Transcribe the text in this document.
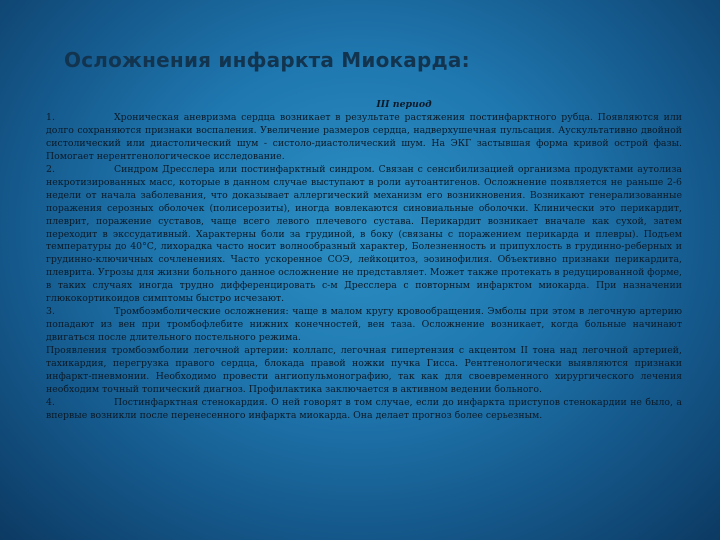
Осложнения инфаркта Миокарда:

III период

1.	Хроническая аневризма сердца возникает в результате растяжения постинфарктного рубца. Появляются или долго сохраняются признаки воспаления. Увеличение размеров сердца, надверхушечная пульсация. Аускультативно двойной систолический или диастолический шум - систоло-диастолический шум. На ЭКГ застывшая форма кривой острой фазы. Помогает нерентгенологическое исследование.

2.	Синдром Дресслера или постинфарктный синдром. Связан с сенсибилизацией организма продуктами аутолиза некротизированных масс, которые в данном случае выступают в роли аутоантигенов. Осложнение появляется не раньше 2-6 недели от начала заболевания, что доказывает аллергический механизм его возникновения. Возникают генерализованные поражения серозных оболочек (полисерозиты), иногда вовлекаются синовиальные оболочки. Клинически это перикардит, плеврит, поражение суставов, чаще всего левого плечевого сустава. Перикардит возникает вначале как сухой, затем переходит в экссудативный. Характерны боли за грудиной, в боку (связаны с поражением перикарда и плевры). Подъем температуры до 40°С, лихорадка часто носит волнообразный характер, Болезненность и припухлость в грудинно-реберных и грудинно-ключичных сочленениях. Часто ускоренное СОЭ, лейкоцитоз, эозинофилия. Объективно признаки перикардита, плеврита. Угрозы для жизни больного данное осложнение не представляет. Может также протекать в редуцированной форме, в таких случаях иногда трудно дифференцировать с-м Дресслера с повторным инфарктом миокарда. При назначении глюкокортикоидов симптомы быстро исчезают.

3.	Тромбоэмболические осложнения: чаще в малом кругу кровообращения. Эмболы при этом в легочную артерию попадают из вен при тромбофлебите нижних конечностей, вен таза. Осложнение возникает, когда больные начинают двигаться после длительного постельного режима.

Проявления тромбоэмболии легочной артерии: коллапс, легочная гипертензия с акцентом II тона над легочной артерией, тахикардия, перегрузка правого сердца, блокада правой ножки пучка Гисса. Рентгенологически выявляются признаки инфаркт-пневмонии. Необходимо провести ангиопульмонографию, так как для своевременного хирургического лечения необходим точный топический диагноз. Профилактика заключается в активном ведении больного.

4.	Постинфарктная стенокардия. О ней говорят в том случае, если до инфаркта приступов стенокардии не было, а впервые возникли после перенесенного инфаркта миокарда. Она делает прогноз более серьезным.
